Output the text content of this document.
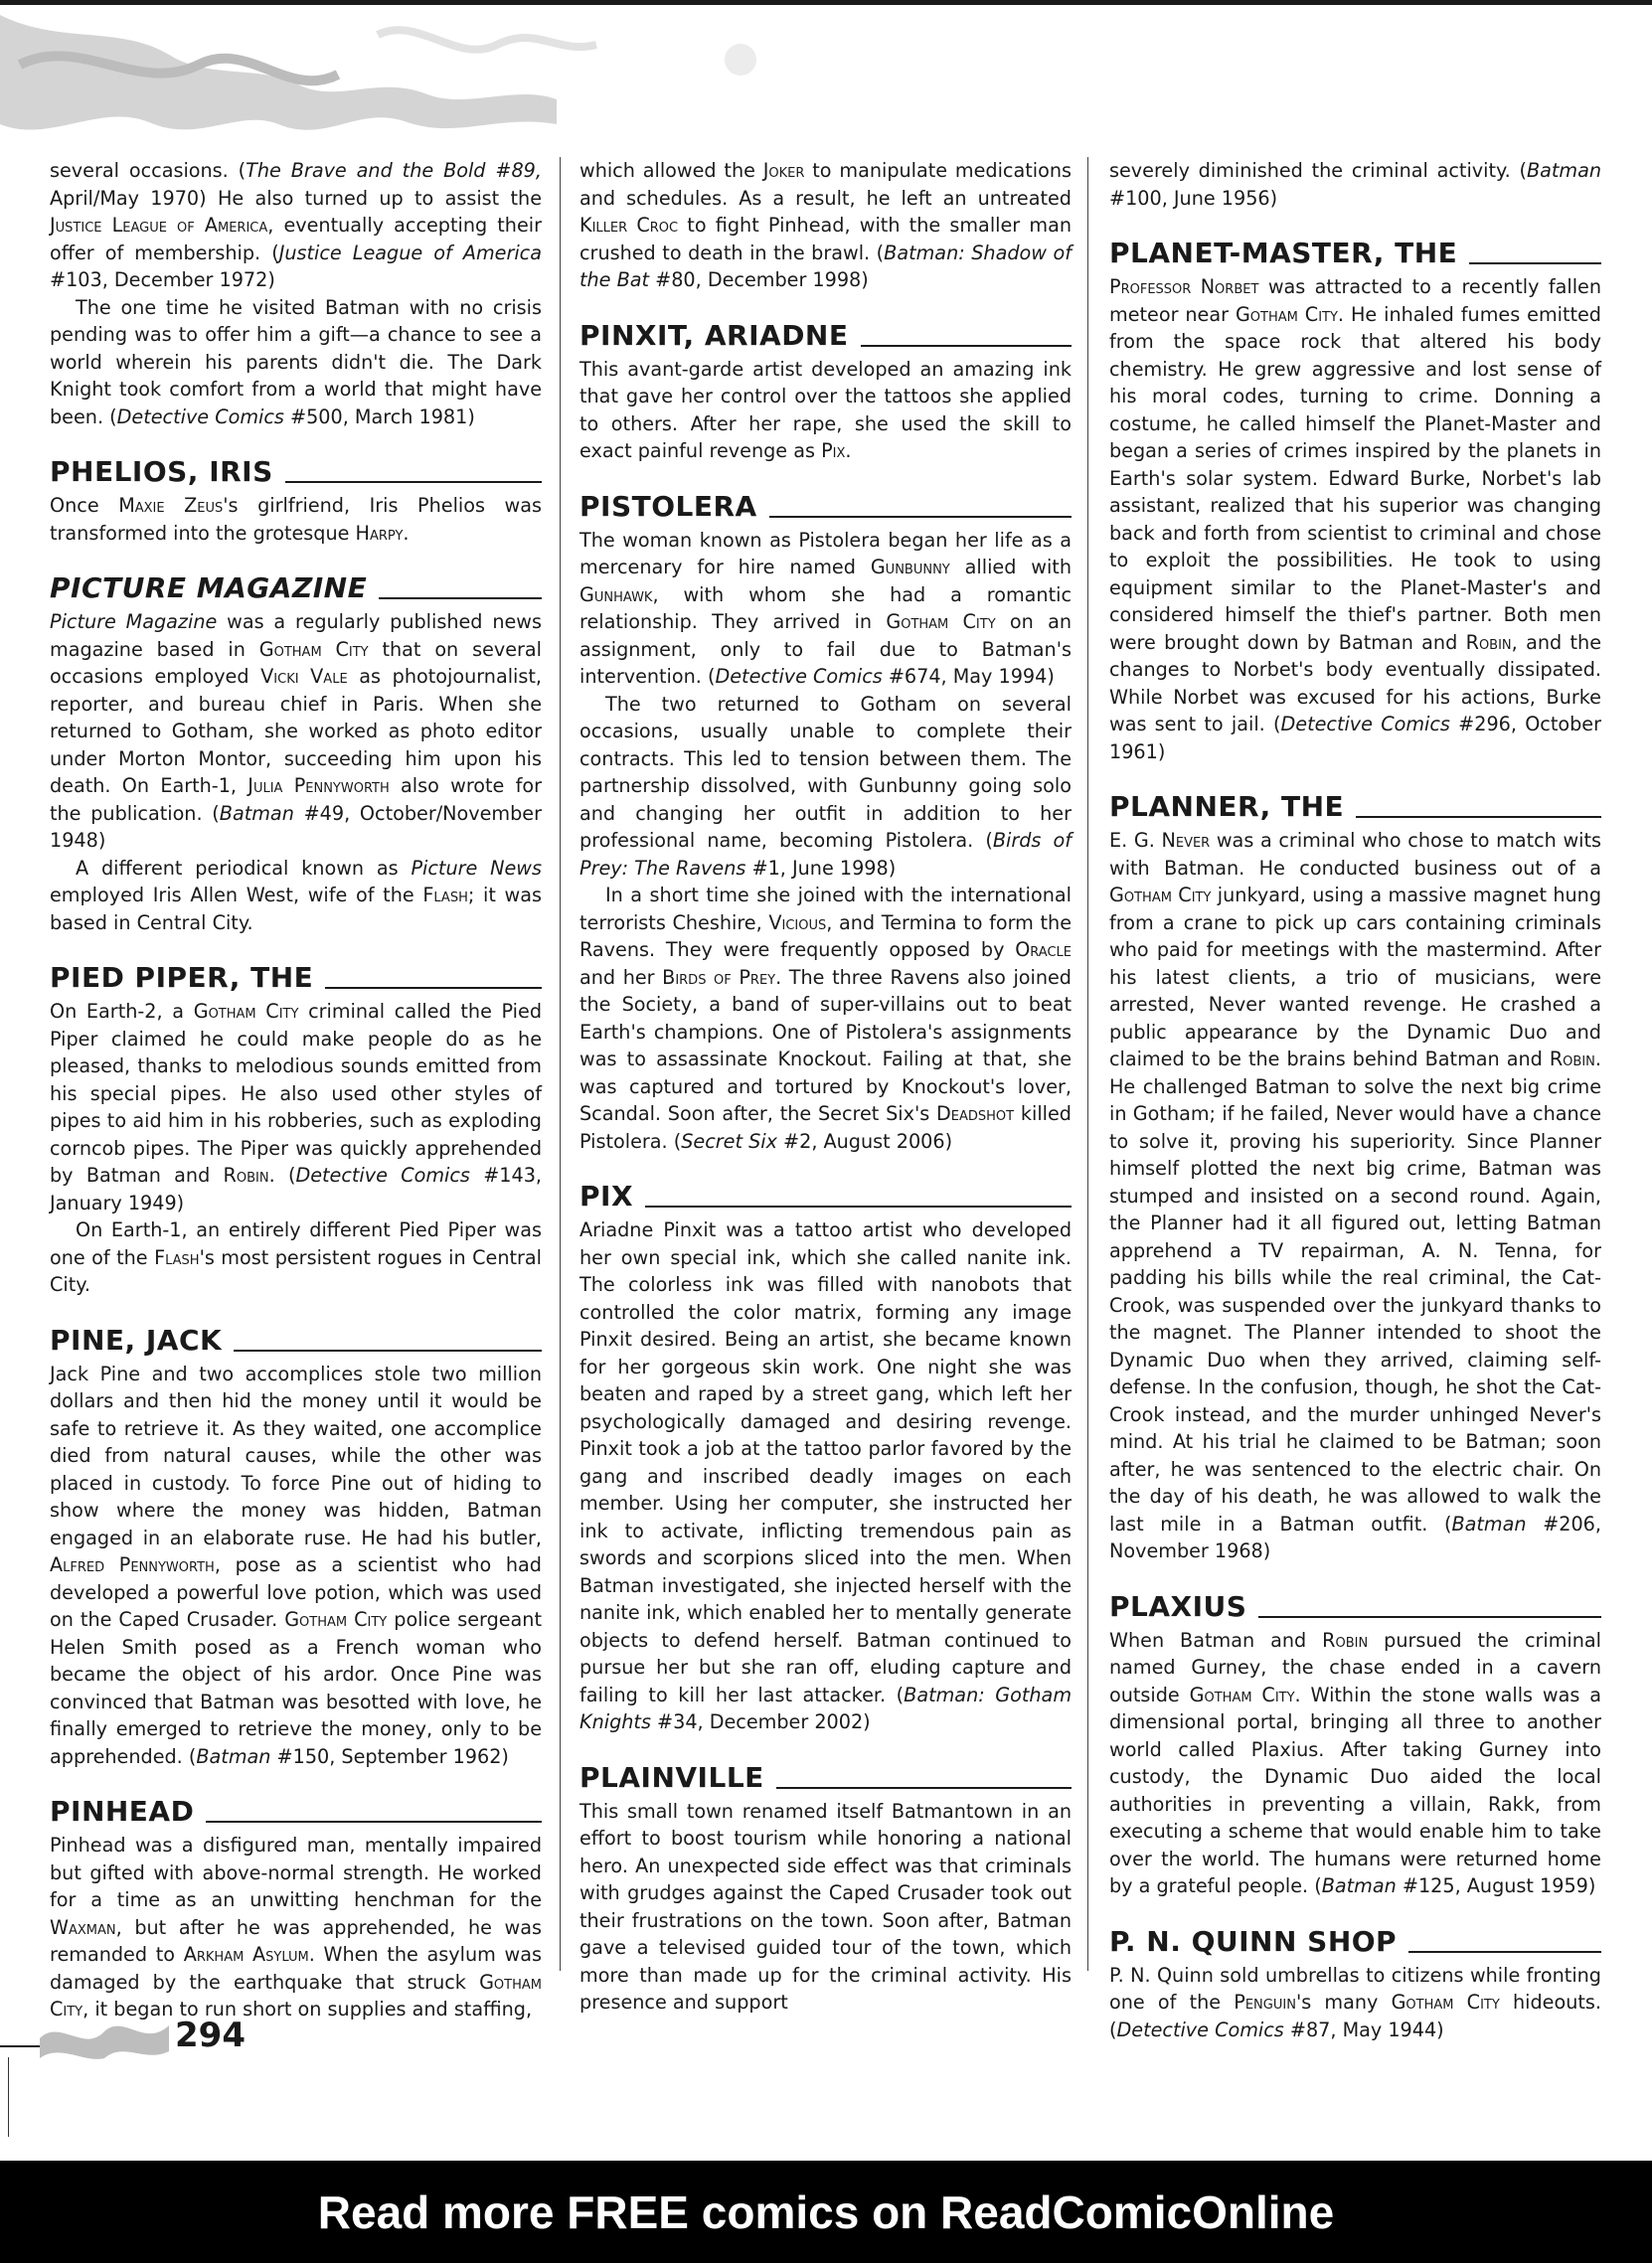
several occasions. (The Brave and the Bold #89, April/May 1970) He also turned up to assist the Justice League of America, eventually accepting their offer of membership. (Justice League of America #103, December 1972)

The one time he visited Batman with no crisis pending was to offer him a gift—a chance to see a world wherein his parents didn't die. The Dark Knight took comfort from a world that might have been. (Detective Comics #500, March 1981)

PHELIOS, IRIS

Once Maxie Zeus's girlfriend, Iris Phelios was transformed into the grotesque Harpy.

PICTURE MAGAZINE

Picture Magazine was a regularly published news magazine based in Gotham City that on several occasions employed Vicki Vale as photojournalist, reporter, and bureau chief in Paris. When she returned to Gotham, she worked as photo editor under Morton Montor, succeeding him upon his death. On Earth-1, Julia Pennyworth also wrote for the publication. (Batman #49, October/November 1948)

A different periodical known as Picture News employed Iris Allen West, wife of the Flash; it was based in Central City.

PIED PIPER, THE

On Earth-2, a Gotham City criminal called the Pied Piper claimed he could make people do as he pleased, thanks to melodious sounds emitted from his special pipes. He also used other styles of pipes to aid him in his robberies, such as exploding corncob pipes. The Piper was quickly apprehended by Batman and Robin. (Detective Comics #143, January 1949)

On Earth-1, an entirely different Pied Piper was one of the Flash's most persistent rogues in Central City.

PINE, JACK

Jack Pine and two accomplices stole two million dollars and then hid the money until it would be safe to retrieve it. As they waited, one accomplice died from natural causes, while the other was placed in custody. To force Pine out of hiding to show where the money was hidden, Batman engaged in an elaborate ruse. He had his butler, Alfred Pennyworth, pose as a scientist who had developed a powerful love potion, which was used on the Caped Crusader. Gotham City police sergeant Helen Smith posed as a French woman who became the object of his ardor. Once Pine was convinced that Batman was besotted with love, he finally emerged to retrieve the money, only to be apprehended. (Batman #150, September 1962)

PINHEAD

Pinhead was a disfigured man, mentally impaired but gifted with above-normal strength. He worked for a time as an unwitting henchman for the Waxman, but after he was apprehended, he was remanded to Arkham Asylum. When the asylum was damaged by the earthquake that struck Gotham City, it began to run short on supplies and staffing,

which allowed the Joker to manipulate medications and schedules. As a result, he left an untreated Killer Croc to fight Pinhead, with the smaller man crushed to death in the brawl. (Batman: Shadow of the Bat #80, December 1998)

PINXIT, ARIADNE

This avant-garde artist developed an amazing ink that gave her control over the tattoos she applied to others. After her rape, she used the skill to exact painful revenge as Pix.

PISTOLERA

The woman known as Pistolera began her life as a mercenary for hire named Gunbunny allied with Gunhawk, with whom she had a romantic relationship. They arrived in Gotham City on an assignment, only to fail due to Batman's intervention. (Detective Comics #674, May 1994)

The two returned to Gotham on several occasions, usually unable to complete their contracts. This led to tension between them. The partnership dissolved, with Gunbunny going solo and changing her outfit in addition to her professional name, becoming Pistolera. (Birds of Prey: The Ravens #1, June 1998)

In a short time she joined with the international terrorists Cheshire, Vicious, and Termina to form the Ravens. They were frequently opposed by Oracle and her Birds of Prey. The three Ravens also joined the Society, a band of super-villains out to beat Earth's champions. One of Pistolera's assignments was to assassinate Knockout. Failing at that, she was captured and tortured by Knockout's lover, Scandal. Soon after, the Secret Six's Deadshot killed Pistolera. (Secret Six #2, August 2006)

PIX

Ariadne Pinxit was a tattoo artist who developed her own special ink, which she called nanite ink. The colorless ink was filled with nanobots that controlled the color matrix, forming any image Pinxit desired. Being an artist, she became known for her gorgeous skin work. One night she was beaten and raped by a street gang, which left her psychologically damaged and desiring revenge. Pinxit took a job at the tattoo parlor favored by the gang and inscribed deadly images on each member. Using her computer, she instructed her ink to activate, inflicting tremendous pain as swords and scorpions sliced into the men. When Batman investigated, she injected herself with the nanite ink, which enabled her to mentally generate objects to defend herself. Batman continued to pursue her but she ran off, eluding capture and failing to kill her last attacker. (Batman: Gotham Knights #34, December 2002)

PLAINVILLE

This small town renamed itself Batmantown in an effort to boost tourism while honoring a national hero. An unexpected side effect was that criminals with grudges against the Caped Crusader took out their frustrations on the town. Soon after, Batman gave a televised guided tour of the town, which more than made up for the criminal activity. His presence and support

severely diminished the criminal activity. (Batman #100, June 1956)

PLANET-MASTER, THE

Professor Norbet was attracted to a recently fallen meteor near Gotham City. He inhaled fumes emitted from the space rock that altered his body chemistry. He grew aggressive and lost sense of his moral codes, turning to crime. Donning a costume, he called himself the Planet-Master and began a series of crimes inspired by the planets in Earth's solar system. Edward Burke, Norbet's lab assistant, realized that his superior was changing back and forth from scientist to criminal and chose to exploit the possibilities. He took to using equipment similar to the Planet-Master's and considered himself the thief's partner. Both men were brought down by Batman and Robin, and the changes to Norbet's body eventually dissipated. While Norbet was excused for his actions, Burke was sent to jail. (Detective Comics #296, October 1961)

PLANNER, THE

E. G. Never was a criminal who chose to match wits with Batman. He conducted business out of a Gotham City junkyard, using a massive magnet hung from a crane to pick up cars containing criminals who paid for meetings with the mastermind. After his latest clients, a trio of musicians, were arrested, Never wanted revenge. He crashed a public appearance by the Dynamic Duo and claimed to be the brains behind Batman and Robin. He challenged Batman to solve the next big crime in Gotham; if he failed, Never would have a chance to solve it, proving his superiority. Since Planner himself plotted the next big crime, Batman was stumped and insisted on a second round. Again, the Planner had it all figured out, letting Batman apprehend a TV repairman, A. N. Tenna, for padding his bills while the real criminal, the Cat-Crook, was suspended over the junkyard thanks to the magnet. The Planner intended to shoot the Dynamic Duo when they arrived, claiming self-defense. In the confusion, though, he shot the Cat-Crook instead, and the murder unhinged Never's mind. At his trial he claimed to be Batman; soon after, he was sentenced to the electric chair. On the day of his death, he was allowed to walk the last mile in a Batman outfit. (Batman #206, November 1968)

PLAXIUS

When Batman and Robin pursued the criminal named Gurney, the chase ended in a cavern outside Gotham City. Within the stone walls was a dimensional portal, bringing all three to another world called Plaxius. After taking Gurney into custody, the Dynamic Duo aided the local authorities in preventing a villain, Rakk, from executing a scheme that would enable him to take over the world. The humans were returned home by a grateful people. (Batman #125, August 1959)

P. N. QUINN SHOP

P. N. Quinn sold umbrellas to citizens while fronting one of the Penguin's many Gotham City hideouts. (Detective Comics #87, May 1944)

294
Read more FREE comics on ReadComicOnline
